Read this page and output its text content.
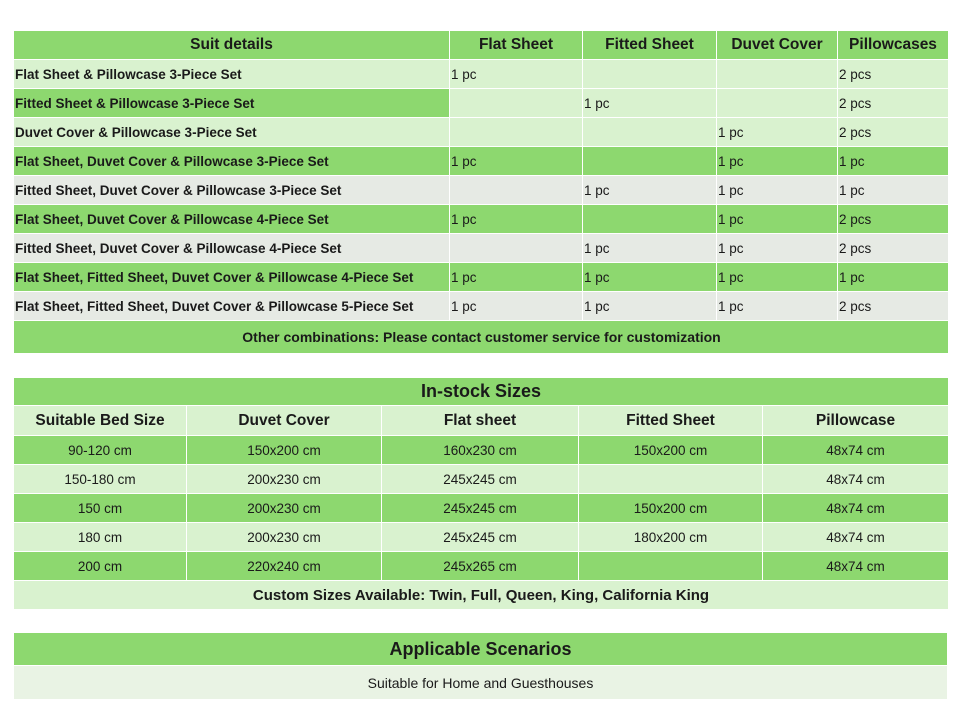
Suit details	Flat Sheet	Fitted Sheet	Duvet Cover	Pillowcases
Flat Sheet & Pillowcase 3-Piece Set	1 pc			2 pcs
Fitted Sheet & Pillowcase 3-Piece Set		1 pc		2 pcs
Duvet Cover & Pillowcase 3-Piece Set			1 pc	2 pcs
Flat Sheet, Duvet Cover & Pillowcase 3-Piece Set	1 pc		1 pc	1 pc
Fitted Sheet, Duvet Cover & Pillowcase 3-Piece Set		1 pc	1 pc	1 pc
Flat Sheet, Duvet Cover & Pillowcase 4-Piece Set	1 pc		1 pc	2 pcs
Fitted Sheet, Duvet Cover & Pillowcase 4-Piece Set		1 pc	1 pc	2 pcs
Flat Sheet, Fitted Sheet, Duvet Cover & Pillowcase 4-Piece Set	1 pc	1 pc	1 pc	1 pc
Flat Sheet, Fitted Sheet, Duvet Cover & Pillowcase 5-Piece Set	1 pc	1 pc	1 pc	2 pcs
Other combinations: Please contact customer service for customization				
In-stock Sizes				
Suitable Bed Size	Duvet Cover	Flat sheet	Fitted Sheet	Pillowcase
90-120 cm	150x200 cm	160x230 cm	150x200 cm	48x74 cm
150-180 cm	200x230 cm	245x245 cm		48x74 cm
150 cm	200x230 cm	245x245 cm	150x200 cm	48x74 cm
180 cm	200x230 cm	245x245 cm	180x200 cm	48x74 cm
200 cm	220x240 cm	245x265 cm		48x74 cm
Custom Sizes Available: Twin, Full, Queen, King, California King				
Applicable Scenarios
Suitable for Home and Guesthouses
